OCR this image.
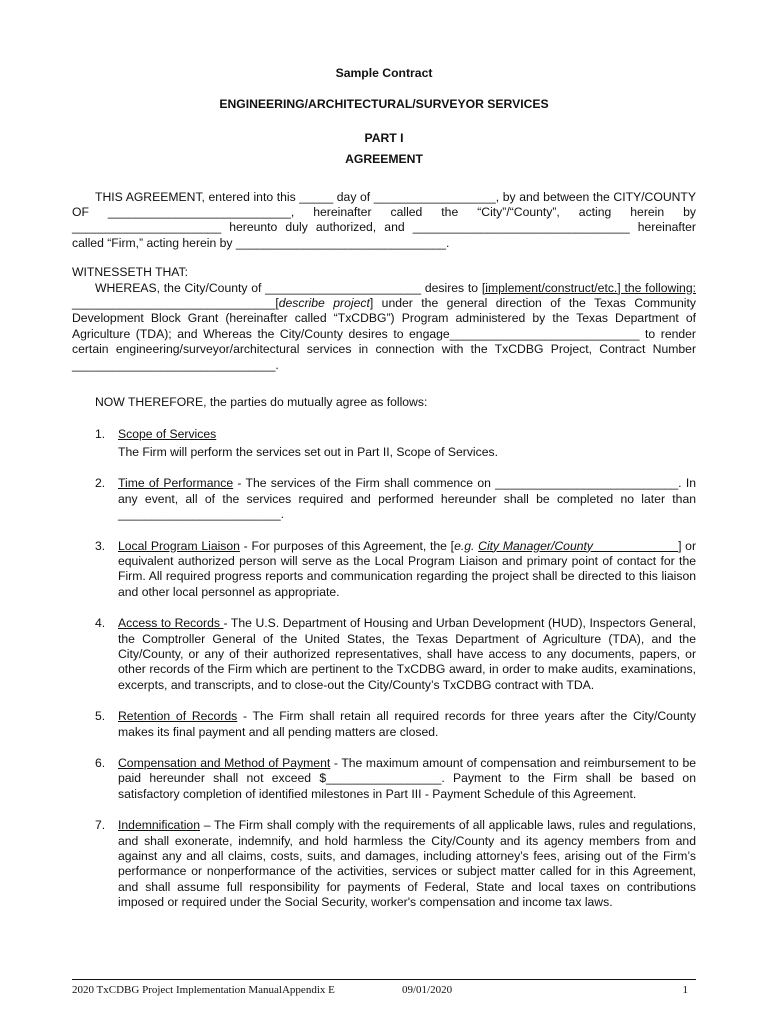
Sample Contract

ENGINEERING/ARCHITECTURAL/SURVEYOR SERVICES

PART I

AGREEMENT

THIS AGREEMENT, entered into this _____ day of __________________, by and between the CITY/COUNTY OF ___________________________, hereinafter called the “City”/“County”, acting herein by ______________________ hereunto duly authorized, and ________________________________ hereinafter called “Firm,” acting herein by _______________________________.

WITNESSETH THAT:

WHEREAS, the City/County of _______________________ desires to [implement/construct/etc.] the following: ______________________________[describe project] under the general direction of the Texas Community Development Block Grant (hereinafter called “TxCDBG”) Program administered by the Texas Department of Agriculture (TDA); and Whereas the City/County desires to engage____________________________ to render certain engineering/surveyor/architectural services in connection with the TxCDBG Project, Contract Number ______________________________.

NOW THEREFORE, the parties do mutually agree as follows:

1.	Scope of Services
The Firm will perform the services set out in Part II, Scope of Services.
2.	Time of Performance - The services of the Firm shall commence on ___________________________. In any event, all of the services required and performed hereunder shall be completed no later than ________________________.
3.	Local Program Liaison - For purposes of this Agreement, the [e.g. City Manager/County ____________] or equivalent authorized person will serve as the Local Program Liaison and primary point of contact for the Firm. All required progress reports and communication regarding the project shall be directed to this liaison and other local personnel as appropriate.
4.	Access to Records - The U.S. Department of Housing and Urban Development (HUD), Inspectors General, the Comptroller General of the United States, the Texas Department of Agriculture (TDA), and the City/County, or any of their authorized representatives, shall have access to any documents, papers, or other records of the Firm which are pertinent to the TxCDBG award, in order to make audits, examinations, excerpts, and transcripts, and to close-out the City/County’s TxCDBG contract with TDA.
5.	Retention of Records - The Firm shall retain all required records for three years after the City/County makes its final payment and all pending matters are closed.
6.	Compensation and Method of Payment - The maximum amount of compensation and reimbursement to be paid hereunder shall not exceed $_________________. Payment to the Firm shall be based on satisfactory completion of identified milestones in Part III - Payment Schedule of this Agreement.
7.	Indemnification – The Firm shall comply with the requirements of all applicable laws, rules and regulations, and shall exonerate, indemnify, and hold harmless the City/County and its agency members from and against any and all claims, costs, suits, and damages, including attorney’s fees, arising out of the Firm’s performance or nonperformance of the activities, services or subject matter called for in this Agreement, and shall assume full responsibility for payments of Federal, State and local taxes on contributions imposed or required under the Social Security, worker's compensation and income tax laws.
2020 TxCDBG Project Implementation ManualAppendix E	09/01/2020	1
